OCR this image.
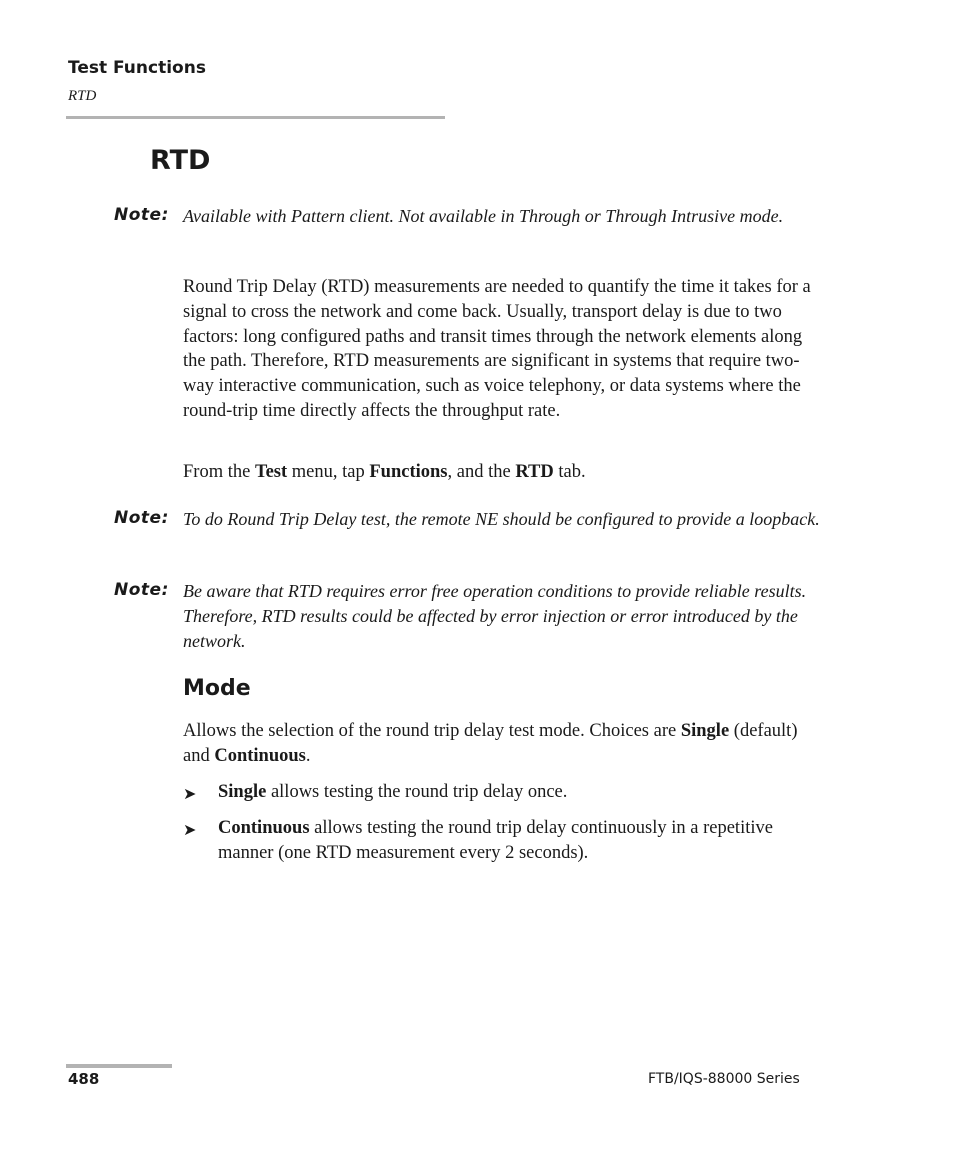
Test Functions
RTD
RTD
Note: Available with Pattern client. Not available in Through or Through Intrusive mode.
Round Trip Delay (RTD) measurements are needed to quantify the time it takes for a signal to cross the network and come back. Usually, transport delay is due to two factors: long configured paths and transit times through the network elements along the path. Therefore, RTD measurements are significant in systems that require two-way interactive communication, such as voice telephony, or data systems where the round-trip time directly affects the throughput rate.
From the Test menu, tap Functions, and the RTD tab.
Note: To do Round Trip Delay test, the remote NE should be configured to provide a loopback.
Note: Be aware that RTD requires error free operation conditions to provide reliable results. Therefore, RTD results could be affected by error injection or error introduced by the network.
Mode
Allows the selection of the round trip delay test mode. Choices are Single (default) and Continuous.
➤ Single allows testing the round trip delay once.
➤ Continuous allows testing the round trip delay continuously in a repetitive manner (one RTD measurement every 2 seconds).
488	FTB/IQS-88000 Series
